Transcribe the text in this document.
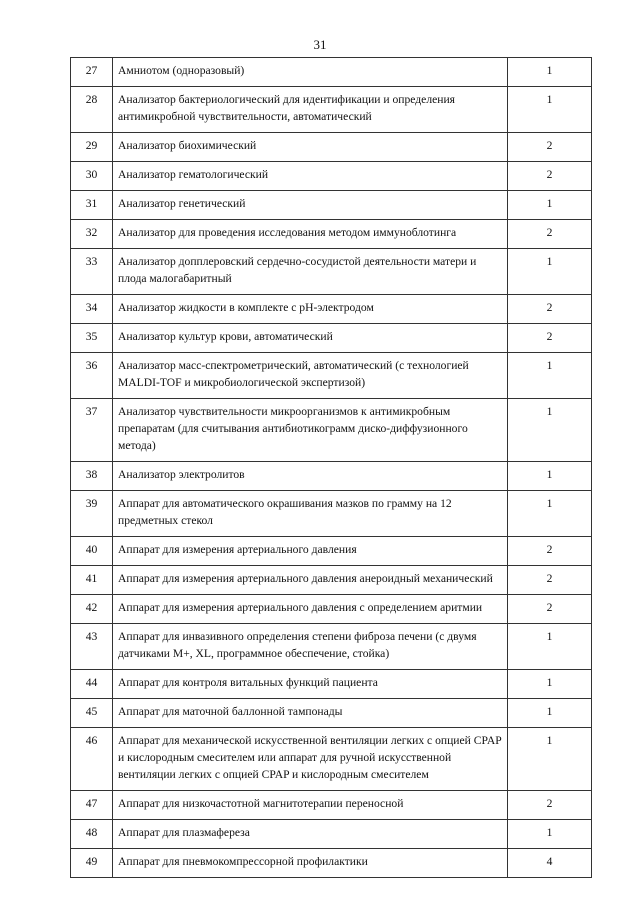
31
27	Амниотом (одноразовый)	1
28	Анализатор бактериологический для идентификации и определения антимикробной чувствительности, автоматический	1
29	Анализатор биохимический	2
30	Анализатор гематологический	2
31	Анализатор генетический	1
32	Анализатор для проведения исследования методом иммуноблотинга	2
33	Анализатор допплеровский сердечно-сосудистой деятельности матери и плода малогабаритный	1
34	Анализатор жидкости в комплекте с pH-электродом	2
35	Анализатор культур крови, автоматический	2
36	Анализатор масс-спектрометрический, автоматический (с технологией MALDI-TOF и микробиологической экспертизой)	1
37	Анализатор чувствительности микроорганизмов к антимикробным препаратам (для считывания антибиотикограмм диско-диффузионного метода)	1
38	Анализатор электролитов	1
39	Аппарат для автоматического окрашивания мазков по грамму на 12 предметных стекол	1
40	Аппарат для измерения артериального давления	2
41	Аппарат для измерения артериального давления анероидный механический	2
42	Аппарат для измерения артериального давления с определением аритмии	2
43	Аппарат для инвазивного определения степени фиброза печени (с двумя датчиками M+, XL, программное обеспечение, стойка)	1
44	Аппарат для контроля витальных функций пациента	1
45	Аппарат для маточной баллонной тампонады	1
46	Аппарат для механической искусственной вентиляции легких с опцией CPAP и кислородным смесителем или аппарат для ручной искусственной вентиляции легких с опцией CPAP и кислородным смесителем	1
47	Аппарат для низкочастотной магнитотерапии переносной	2
48	Аппарат для плазмафереза	1
49	Аппарат для пневмокомпрессорной профилактики	4
